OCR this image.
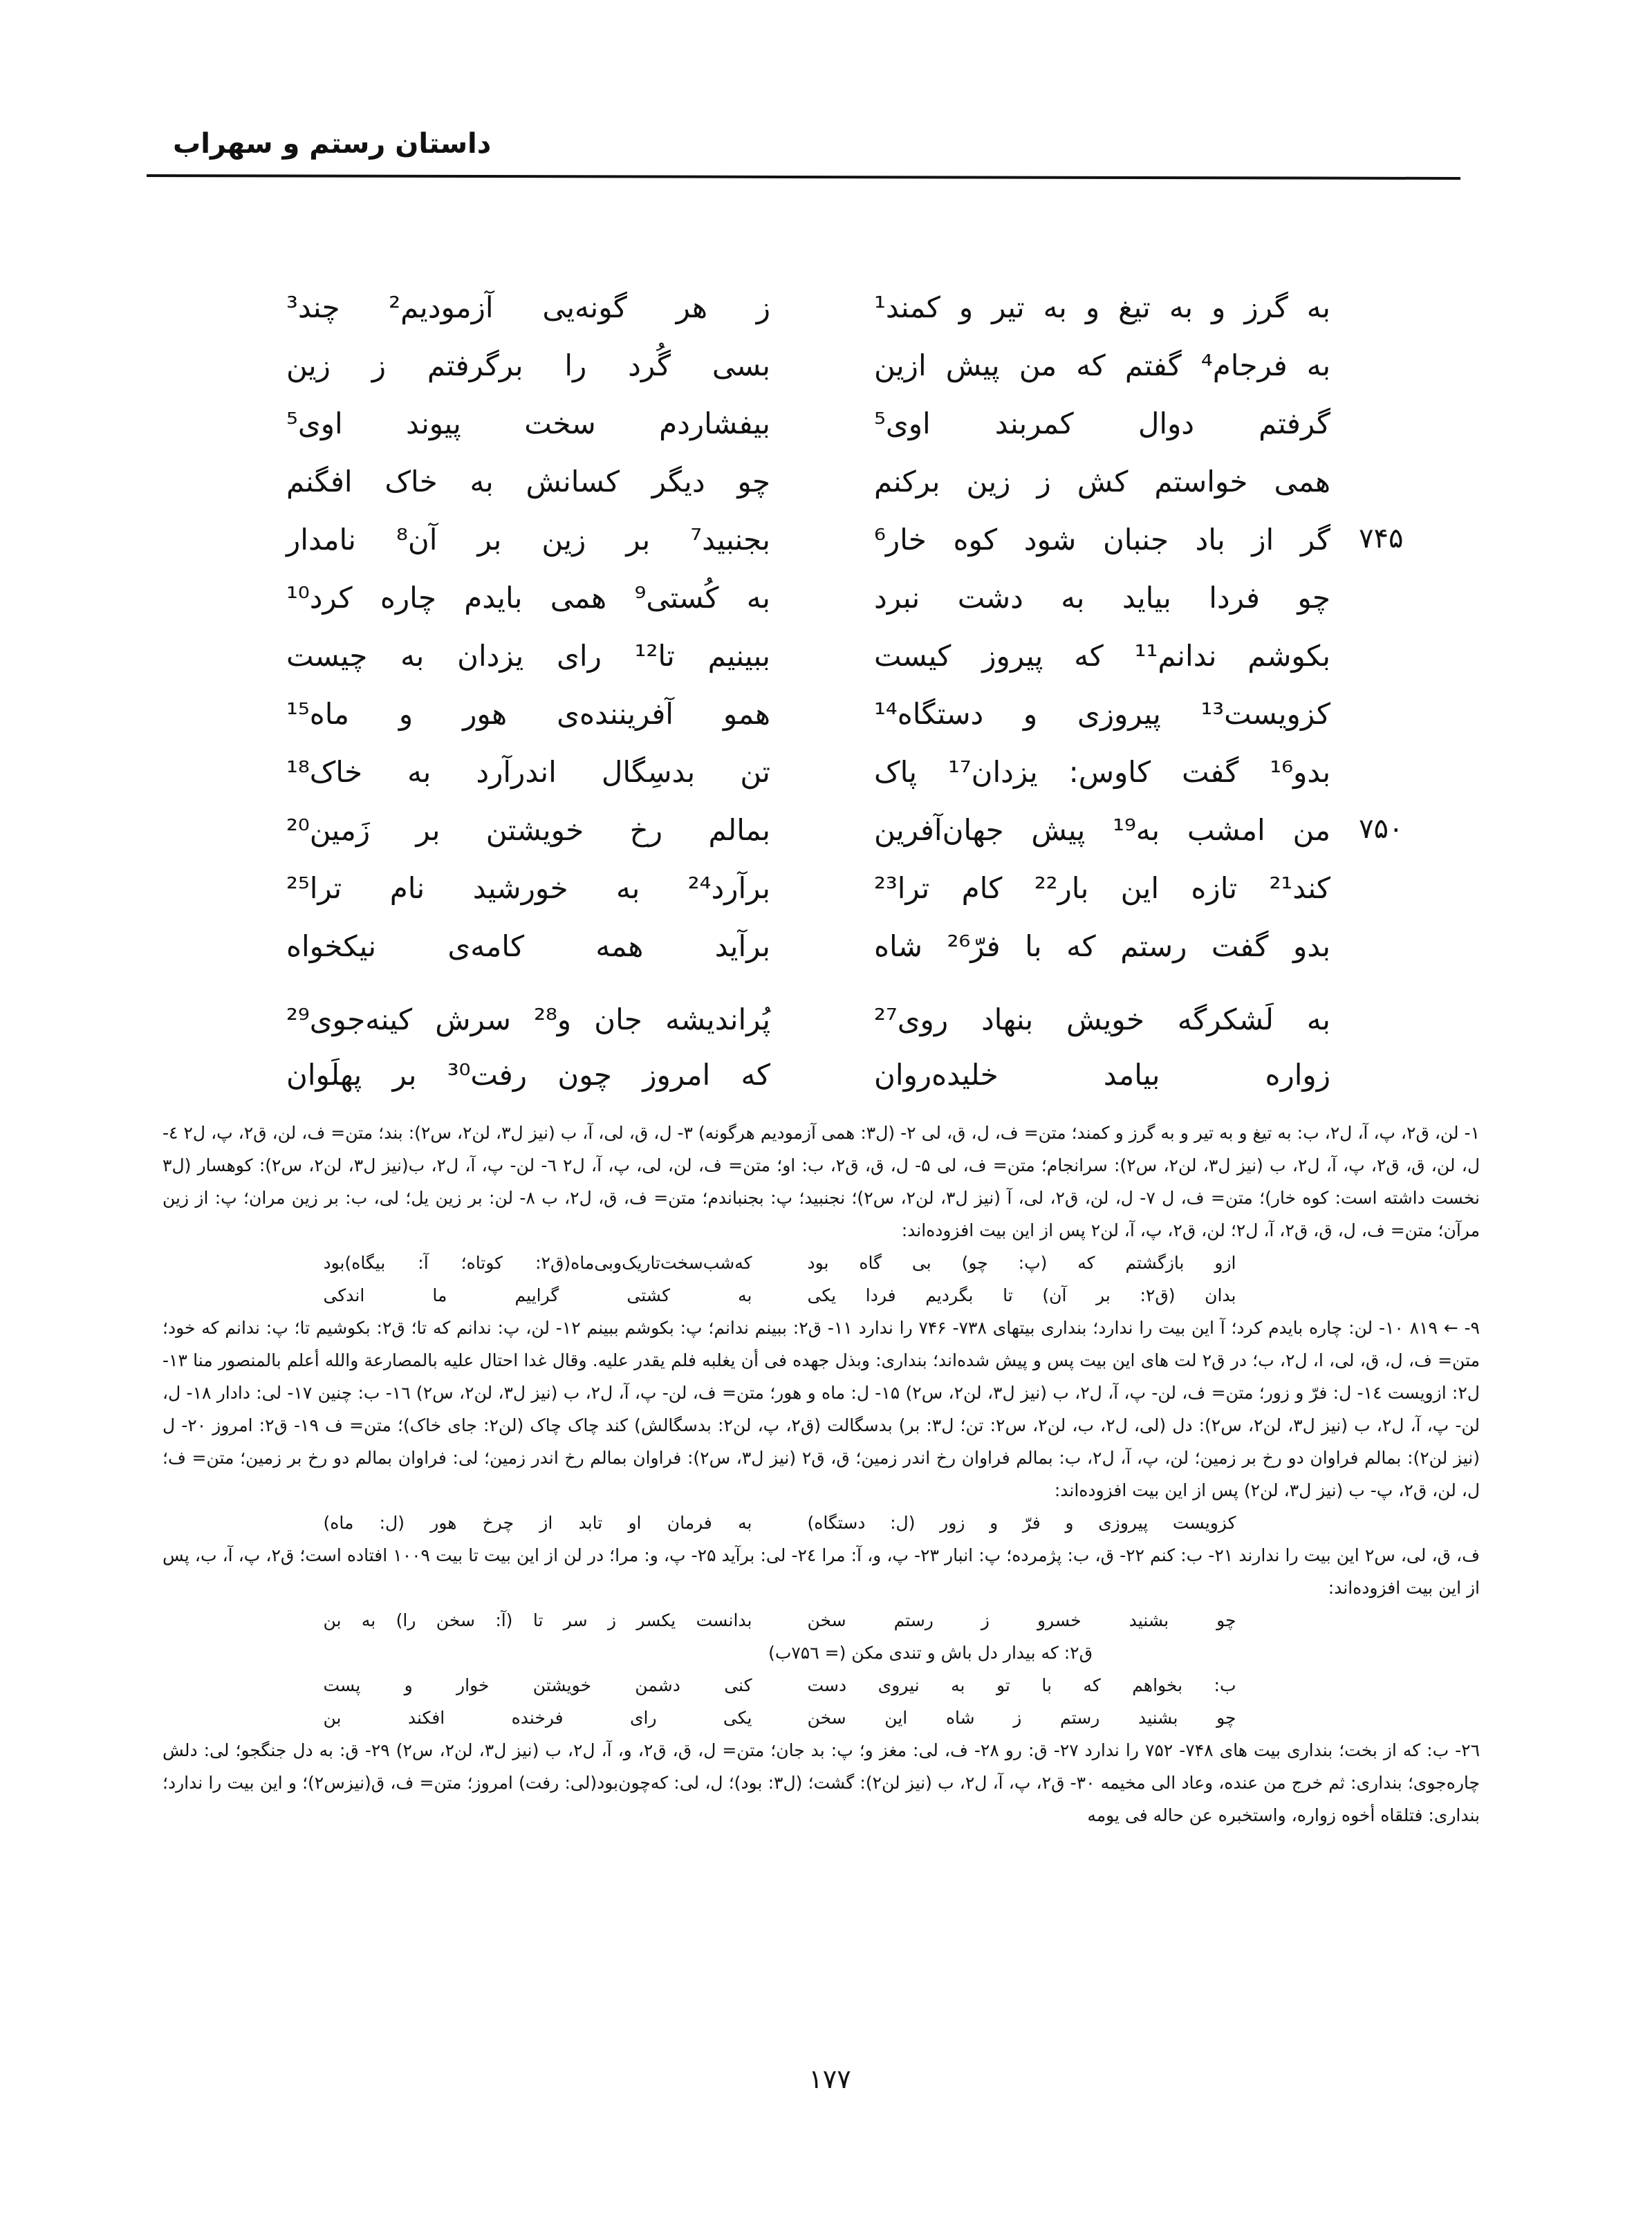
داستان رستم و سهراب
به گرز و به تیغ و به تیر و کمند¹
ز هر گونه‌یی آزمودیم² چند³
به فرجام⁴ گفتم که من پیش ازین
بسی گُرد را برگرفتم ز زین
گرفتم دوال کمربند اوی⁵
بیفشاردم سخت پیوند اوی⁵
همی خواستم کش ز زین برکنم
چو دیگر کسانش به خاک افگنم
۷۴۵
گر از باد جنبان شود کوه خار⁶
بجنبید⁷ بر زین بر آن⁸ نامدار
چو فردا بیاید به دشت نبرد
به کُستی⁹ همی بایدم چاره کرد¹⁰
بکوشم ندانم¹¹ که پیروز کیست
ببینیم تا¹² رای یزدان به چیست
کزویست¹³ پیروزی و دستگاه¹⁴
همو آفریننده‌ی هور و ماه¹⁵
بدو¹⁶ گفت کاوس: یزدان¹⁷ پاک
تن بدسِگال اندرآرد به خاک¹⁸
۷۵۰
من امشب به¹⁹ پیش جهان‌آفرین
بمالم رخ خویشتن بر زَمین²⁰
کند²¹ تازه این بار²² کام ترا²³
برآرد²⁴ به خورشید نام ترا²⁵
بدو گفت رستم که با فرّ²⁶ شاه
برآید همه کامه‌ی نیکخواه
به لَشکرگه خویش بنهاد روی²⁷
پُراندیشه جان و²⁸ سرش کینه‌جوی²⁹
زواره بیامد خلیده‌روان
که امروز چون رفت³⁰ بر پهلَوان

۱- لن، ق۲، پ، آ، ل۲، ب: به تیغ و به تیر و به گرز و کمند؛ متن= ف، ل، ق، لی ۲- (ل۳: همی آزمودیم هرگونه) ۳- ل، ق، لی، آ، ب (نیز ل۳، لن۲، س۲): بند؛ متن= ف، لن، ق۲، پ، ل۲ ٤- ل، لن، ق، ق۲، پ، آ، ل۲، ب (نیز ل۳، لن۲، س۲): سرانجام؛ متن= ف، لی ۵- ل، ق، ق۲، ب: او؛ متن= ف، لن، لی، پ، آ، ل۲ ٦- لن- پ، آ، ل۲، ب(نیز ل۳، لن۲، س۲): کوهسار (ل۳ نخست داشته است: کوه خار)؛ متن= ف، ل ۷- ل، لن، ق۲، لی، آ (نیز ل۳، لن۲، س۲)؛ نجنبید؛ پ: بجنباندم؛ متن= ف، ق، ل۲، ب ۸- لن: بر زین یل؛ لی، ب: بر زین مران؛ پ: از زین مرآن؛ متن= ف، ل، ق، ق۲، آ، ل۲؛ لن، ق۲، پ، آ، لن۲ پس از این بیت افزوده‌اند:

ازو بازگشتم که (پ: چو) بی گاه بود
که‌شب‌سخت‌تاریک‌وبی‌ماه(ق۲: کوتاه؛ آ: بیگاه)بود
بدان (ق۲: بر آن) تا بگردیم فردا یکی
به کشتی گراییم ما اندکی

۹- ← ۸۱۹ ۱۰- لن: چاره بایدم کرد؛ آ این بیت را ندارد؛ بنداری بیتهای ۷۳۸- ۷۴۶ را ندارد ۱۱- ق۲: ببینم ندانم؛ پ: بکوشم ببینم ۱۲- لن، پ: ندانم که تا؛ ق۲: بکوشیم تا؛ پ: ندانم که خود؛ متن= ف، ل، ق، لی، ا، ل۲، ب؛ در ق۲ لت های این بیت پس و پیش شده‌اند؛ بنداری: وبذل جهده فی أن یغلبه فلم یقدر علیه. وقال غدا احتال علیه بالمصارعة والله أعلم بالمنصور منا ۱۳- ل۲: ازویست ۱٤- ل: فرّ و زور؛ متن= ف، لن- پ، آ، ل۲، ب (نیز ل۳، لن۲، س۲) ۱۵- ل: ماه و هور؛ متن= ف، لن- پ، آ، ل۲، ب (نیز ل۳، لن۲، س۲) ۱٦- ب: چنین ۱۷- لی: دادار ۱۸- ل، لن- پ، آ، ل۲، ب (نیز ل۳، لن۲، س۲): دل (لی، ل۲، ب، لن۲، س۲: تن؛ ل۳: بر) بدسگالت (ق۲، پ، لن۲: بدسگالش) کند چاک چاک (لن۲: جای خاک)؛ متن= ف ۱۹- ق۲: امروز ۲۰- ل (نیز لن۲): بمالم فراوان دو رخ بر زمین؛ لن، پ، آ، ل۲، ب: بمالم فراوان رخ اندر زمین؛ ق، ق۲ (نیز ل۳، س۲): فراوان بمالم رخ اندر زمین؛ لی: فراوان بمالم دو رخ بر زمین؛ متن= ف؛ ل، لن، ق۲، پ- ب (نیز ل۳، لن۲) پس از این بیت افزوده‌اند:

کزویست پیروزی و فرّ و زور (ل: دستگاه)
به فرمان او تابد از چرخ هور (ل: ماه)

ف، ق، لی، س۲ این بیت را ندارند ۲۱- ب: کنم ۲۲- ق، ب: پژمرده؛ پ: انبار ۲۳- پ، و، آ: مرا ۲٤- لی: برآید ۲۵- پ، و: مرا؛ در لن از این بیت تا بیت ۱۰۰۹ افتاده است؛ ق۲، پ، آ، ب، پس از این بیت افزوده‌اند:

چو بشنید خسرو ز رستم سخن
بدانست یکسر ز سر تا (آ: سخن را) به بن

ق۲: که بیدار دل باش و تندی مکن (= ۷۵٦ب)

ب: بخواهم که با تو به نیروی دست
کنی دشمن خویشتن خوار و پست
چو بشنید رستم ز شاه این سخن
یکی رای فرخنده افکند بن

۲٦- ب: که از بخت؛ بنداری بیت های ۷۴۸- ۷۵۲ را ندارد ۲۷- ق: رو ۲۸- ف، لی: مغز و؛ پ: بد جان؛ متن= ل، ق، ق۲، و، آ، ل۲، ب (نیز ل۳، لن۲، س۲) ۲۹- ق: به دل جنگجو؛ لی: دلش چاره‌جوی؛ بنداری: ثم خرج من عنده، وعاد الی مخیمه ۳۰- ق۲، پ، آ، ل۲، ب (نیز لن۲): گشت؛ (ل۳: بود)؛ ل، لی: که‌چون‌بود(لی: رفت) امروز؛ متن= ف، ق(نیزس۲)؛ و این بیت را ندارد؛ بنداری: فتلقاه أخوه زواره، واستخبره عن حاله فی یومه

۱۷۷
